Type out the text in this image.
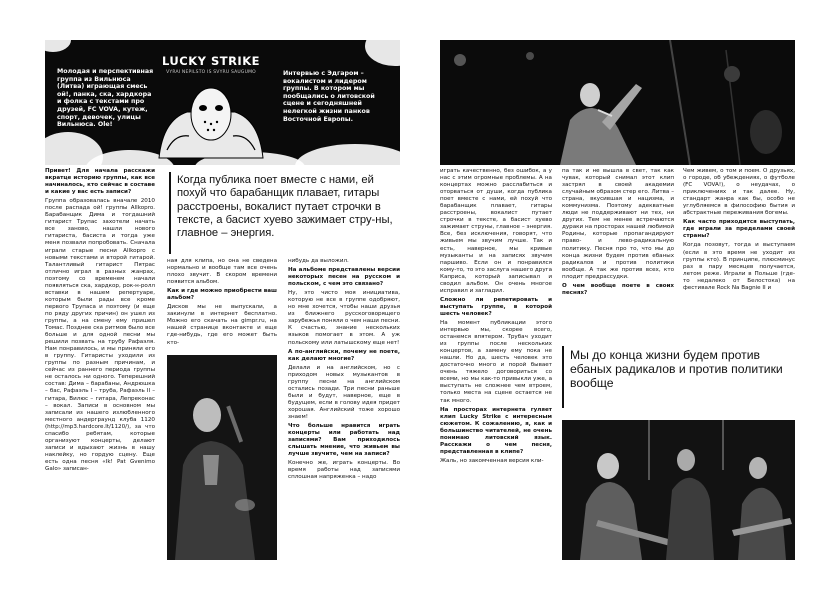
Молодая и перспективная группа из Вильнюса (Литва) играющая смесь ой!, панка, ска, хардкора и фолка с текстами про друзей, FC VOVA, кутеж, спорт, девочек, улицы Вильнюса. Ole!
LUCKY STRIKE
VYRAI NEPILSTO IS SVYRU SAUGUMO	Интервью с Эдгаром – вокалистом и лидером группы. В котором мы пообщались о литовской сцене и сегодняшней нелегкой жизни панков Восточной Европы.

Привет! Для начала расскажи вкратце историю группы, как все начиналось, кто сейчас в составе и какие у вас есть записи?

Группа образовалась вначале 2010 после распада ой! группы Allkopro. Барабанщик Дима и тогдашний гитарист Трупас захотели начать все заново, нашли нового гитариста, басиста и тогда уже меня позвали попробовать. Сначала играли старые песни Allkopro с новыми текстами и второй гитарой. Талантливый гитарист Пятрас отлично играл в разных жанрах, поэтому со временем начали появляться ска, хардкор, рок-н-ролл вставки в нашем репертуаре, которым были рады все кроме первого Трупаса и поэтому (и еще по ряду других причин) он ушел из группы, а на смену ему пришел Томас. Позднее ска ритмов было все больше и для одной песни мы решили позвать на трубу Рафаэля. Нам понравилось, и мы приняли его в группу. Гитаристы уходили из группы по разным причинам, и сейчас из раннего периода группы не осталось ни одного. Теперешний состав: Дима – барабаны, Андрюшка – бас, Рафаэль I – труба, Рафаэль II – гитара, Вилюс – гитара, Лепреконас – вокал. Записи в основном мы записали из нашего излюбленного местного андерграунд клуба 1120 (http://mp3.hardcore.lt/1120/), за что спасибо ребятам, которые организуют концерты, делают записи и вдыхают жизнь в нашу наклейку, но гордую сцену. Еще есть одна песня «Ik! Pat Gvenimo Galo» записан-

Когда публика поет вместе с нами, ей похуй что барабанщик плавает, гитары расстроены, вокалист путает строчки в тексте, а басист хуево зажимает стру-ны, главное – энергия.

ная для клипа, но она не сведена нормально и вообще там все очень плохо звучит. В скором времени появится альбом.

Как и где можно приобрести ваш альбом?

Дисков мы не выпускали, а закинули в интернет бесплатно. Можно его скачать на gimpr.ru, на нашей странице вконтакте и еще где-нибудь, где его может быть кто-

нибудь да выложил.

На альбоме представлены версии некоторых песен на русском и польском, с чем это связано?

Ну, это чисто моя инициатива, которую не все в группе одобряют, но мне хочется, чтобы наши друзья из ближнего русскоговорящего зарубежья поняли о чем наши песни. К счастью, знание нескольких языков помогает в этом. А уж польскому или латышскому еще нет!

А по-английски, почему не поете, как делают многие?

Делали и на английском, но с приходом новых музыкантов в группу песни на английском остались позади. Три песни раньше были и будут, наверное, еще в будущем, если в голову идея придет хорошая. Английский тоже хорошо знаем!

Что больше нравится играть концерты или работать над записями? Вам приходилось слышать мнение, что живьем вы лучше звучите, чем на записи?

Конечно же, играть концерты. Во время работы над записями сплошная напряженка – надо

играть качественно, без ошибок, а у нас с этим огромные проблемы. А на концертах можно расслабиться и оторваться от души, когда публика поет вместе с нами, ей похуй что барабанщик плавает, гитары расстроены, вокалист путает строчки в тексте, а басист хуево зажимает струны, главное – энергия. Все, без исключения, говорят, что живьем мы звучим лучше. Так и есть, наверное, мы кривые музыканты и на записях звучим паршиво. Если он и понравился кому-то, то это заслуга нашего друга Каприса, который записывал и сводил альбом. Он очень многое исправил и загладил.

Сложно ли репетировать и выступать группе, в которой шесть человек?

На момент публикации этого интервью мы, скорее всего, останемся впятером. Трубач уходит из группы после нескольких концертов, а замену ему пока не нашли. Но да, шесть человек это достаточно много и порой бывает очень тяжело договориться со всеми, но мы как-то привыкли уже, а выступать не сложнее чем втроем, только места на сцене остается не так много.

На просторах интернета гуляет клип Lucky Strike с интересным сюжетом. К сожалению, я, как и большинство читателей, не очень понимаю литовский язык. Расскажи о чем песня, представленная в клипе?

Жаль, но закомченная версия кли-

па так и не вышла в свет, так как чувак, который снимал этот клип застрял в своей академии случайным образом стер его. Литва – страна, вкусившая и нацизма, и коммунизма. Поэтому адекватные люди не поддерживают ни тех, ни других. Тем не менее встречаются дураки на просторах нашей любимой Родины, которые пропагандируют право- и лево-радикальную политику. Песня про то, что мы до конца жизни будем против ебаных радикалов и против политики вообще. А так же против всех, кто плодит предрассудки.

О чем вообще поете в своих песнях?

Чем живем, о том и поем. О друзьях, о городе, об убеждениях, о футболе (FC VOVA!), о неудачах, о приключениях и так далее. Ну, стандарт жанра как бы, особо не углубляемся в философию бытия и абстрактные переживания богемы.

Как часто приходится выступать, где играли за пределами своей страны?

Когда позовут, тогда и выступаем (если в это время не уходит из группы кто). В принципе, плюсминус раз в пару месяцев получается, летом реже. Играли в Польше (где-то недалеко от Белостока) на фестивале Rock Na Bagnie II и

Мы до конца жизни будем против ебаных радикалов и против политики вообще
